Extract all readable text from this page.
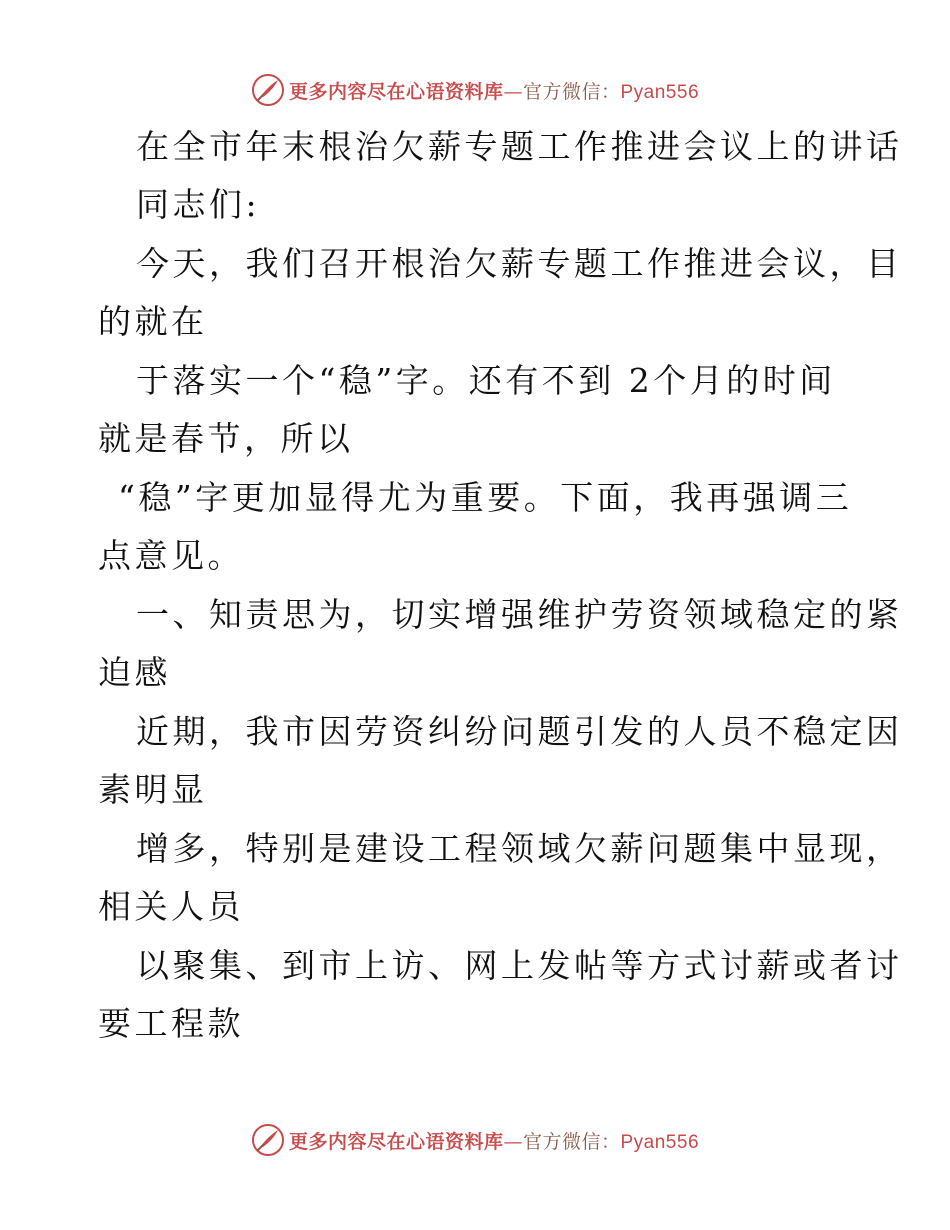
更多内容尽在心语资料库—官方微信：Pyan556
在全市年末根治欠薪专题工作推进会议上的讲话
同志们:
今天，我们召开根治欠薪专题工作推进会议，目
的就在
于落实一个“稳”字。还有不到 2个月的时间
就是春节，所以
“稳”字更加显得尤为重要。下面，我再强调三
点意见。
一、知责思为，切实增强维护劳资领域稳定的紧
迫感
近期，我市因劳资纠纷问题引发的人员不稳定因
素明显
增多，特别是建设工程领域欠薪问题集中显现，
相关人员
以聚集、到市上访、网上发帖等方式讨薪或者讨
要工程款
更多内容尽在心语资料库—官方微信：Pyan556
